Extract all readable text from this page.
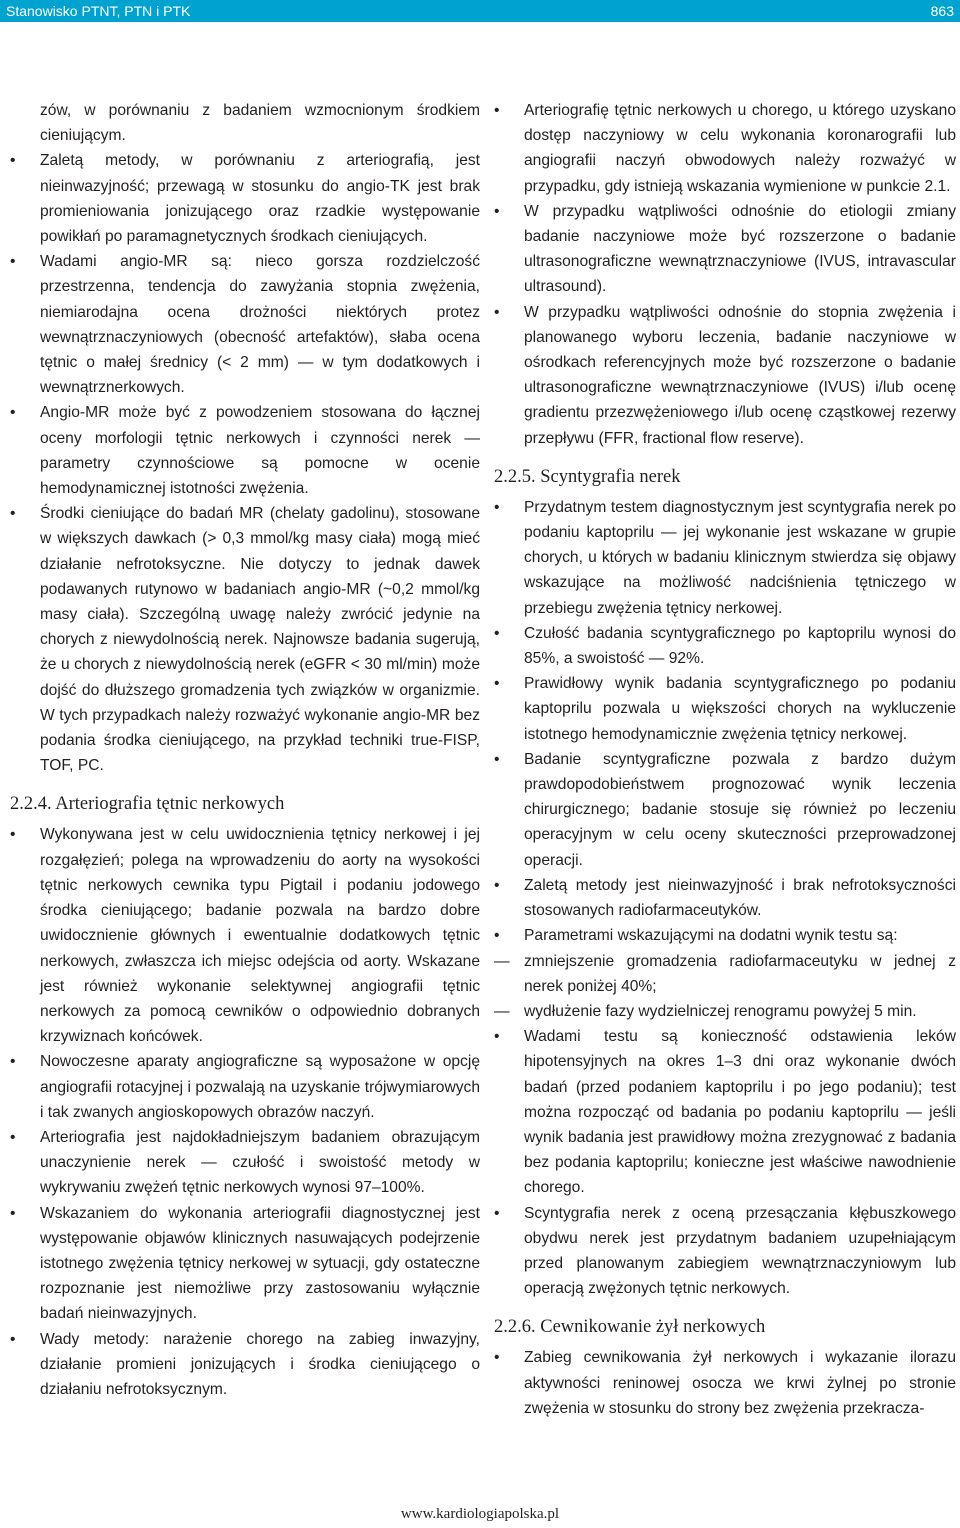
Stanowisko PTNT, PTN i PTK	863
zów, w porównaniu z badaniem wzmocnionym środkiem cieniującym.
•	Zaletą metody, w porównaniu z arteriografią, jest nieinwazyjność; przewagą w stosunku do angio-TK jest brak promieniowania jonizującego oraz rzadkie występowanie powikłań po paramagnetycznych środkach cieniujących.
•	Wadami angio-MR są: nieco gorsza rozdzielczość przestrzenna, tendencja do zawyżania stopnia zwężenia, niemiarodajna ocena drożności niektórych protez wewnątrznaczyniowych (obecność artefaktów), słaba ocena tętnic o małej średnicy (< 2 mm) — w tym dodatkowych i wewnątrznerkowych.
•	Angio-MR może być z powodzeniem stosowana do łącznej oceny morfologii tętnic nerkowych i czynności nerek — parametry czynnościowe są pomocne w ocenie hemodynamicznej istotności zwężenia.
•	Środki cieniujące do badań MR (chelaty gadolinu), stosowane w większych dawkach (> 0,3 mmol/kg masy ciała) mogą mieć działanie nefrotoksyczne. Nie dotyczy to jednak dawek podawanych rutynowo w badaniach angio-MR (~0,2 mmol/kg masy ciała). Szczególną uwagę należy zwrócić jedynie na chorych z niewydolnością nerek. Najnowsze badania sugerują, że u chorych z niewydolnością nerek (eGFR < 30 ml/min) może dojść do dłuższego gromadzenia tych związków w organizmie. W tych przypadkach należy rozważyć wykonanie angio-MR bez podania środka cieniującego, na przykład techniki true-FISP, TOF, PC.
2.2.4. Arteriografia tętnic nerkowych
•	Wykonywana jest w celu uwidocznienia tętnicy nerkowej i jej rozgałęzień; polega na wprowadzeniu do aorty na wysokości tętnic nerkowych cewnika typu Pigtail i podaniu jodowego środka cieniującego; badanie pozwala na bardzo dobre uwidocznienie głównych i ewentualnie dodatkowych tętnic nerkowych, zwłaszcza ich miejsc odejścia od aorty. Wskazane jest również wykonanie selektywnej angiografii tętnic nerkowych za pomocą cewników o odpowiednio dobranych krzywiznach końcówek.
•	Nowoczesne aparaty angiograficzne są wyposażone w opcję angiografii rotacyjnej i pozwalają na uzyskanie trójwymiarowych i tak zwanych angioskopowych obrazów naczyń.
•	Arteriografia jest najdokładniejszym badaniem obrazującym unaczynienie nerek — czułość i swoistość metody w wykrywaniu zwężeń tętnic nerkowych wynosi 97–100%.
•	Wskazaniem do wykonania arteriografii diagnostycznej jest występowanie objawów klinicznych nasuwających podejrzenie istotnego zwężenia tętnicy nerkowej w sytuacji, gdy ostateczne rozpoznanie jest niemożliwe przy zastosowaniu wyłącznie badań nieinwazyjnych.
•	Wady metody: narażenie chorego na zabieg inwazyjny, działanie promieni jonizujących i środka cieniującego o działaniu nefrotoksycznym.
•	Arteriografię tętnic nerkowych u chorego, u którego uzyskano dostęp naczyniowy w celu wykonania koronarografii lub angiografii naczyń obwodowych należy rozważyć w przypadku, gdy istnieją wskazania wymienione w punkcie 2.1.
•	W przypadku wątpliwości odnośnie do etiologii zmiany badanie naczyniowe może być rozszerzone o badanie ultrasonograficzne wewnątrznaczyniowe (IVUS, intravascular ultrasound).
•	W przypadku wątpliwości odnośnie do stopnia zwężenia i planowanego wyboru leczenia, badanie naczyniowe w ośrodkach referencyjnych może być rozszerzone o badanie ultrasonograficzne wewnątrznaczyniowe (IVUS) i/lub ocenę gradientu przezwężeniowego i/lub ocenę cząstkowej rezerwy przepływu (FFR, fractional flow reserve).
2.2.5. Scyntygrafia nerek
•	Przydatnym testem diagnostycznym jest scyntygrafia nerek po podaniu kaptoprilu — jej wykonanie jest wskazane w grupie chorych, u których w badaniu klinicznym stwierdza się objawy wskazujące na możliwość nadciśnienia tętniczego w przebiegu zwężenia tętnicy nerkowej.
•	Czułość badania scyntygraficznego po kaptoprilu wynosi do 85%, a swoistość — 92%.
•	Prawidłowy wynik badania scyntygraficznego po podaniu kaptoprilu pozwala u większości chorych na wykluczenie istotnego hemodynamicznie zwężenia tętnicy nerkowej.
•	Badanie scyntygraficzne pozwala z bardzo dużym prawdopodobieństwem prognozować wynik leczenia chirurgicznego; badanie stosuje się również po leczeniu operacyjnym w celu oceny skuteczności przeprowadzonej operacji.
•	Zaletą metody jest nieinwazyjność i brak nefrotoksyczności stosowanych radiofarmaceutyków.
•	Parametrami wskazującymi na dodatni wynik testu są:
— zmniejszenie gromadzenia radiofarmaceutyku w jednej z nerek poniżej 40%;
— wydłużenie fazy wydzielniczej renogramu powyżej 5 min.
•	Wadami testu są konieczność odstawienia leków hipotensyjnych na okres 1–3 dni oraz wykonanie dwóch badań (przed podaniem kaptoprilu i po jego podaniu); test można rozpocząć od badania po podaniu kaptoprilu — jeśli wynik badania jest prawidłowy można zrezygnować z badania bez podania kaptoprilu; konieczne jest właściwe nawodnienie chorego.
•	Scyntygrafia nerek z oceną przesączania kłębuszkowego obydwu nerek jest przydatnym badaniem uzupełniającym przed planowanym zabiegiem wewnątrznaczyniowym lub operacją zwężonych tętnic nerkowych.
2.2.6. Cewnikowanie żył nerkowych
•	Zabieg cewnikowania żył nerkowych i wykazanie ilorazu aktywności reninowej osocza we krwi żylnej po stronie zwężenia w stosunku do strony bez zwężenia przekracza-
www.kardiologiapolska.pl
